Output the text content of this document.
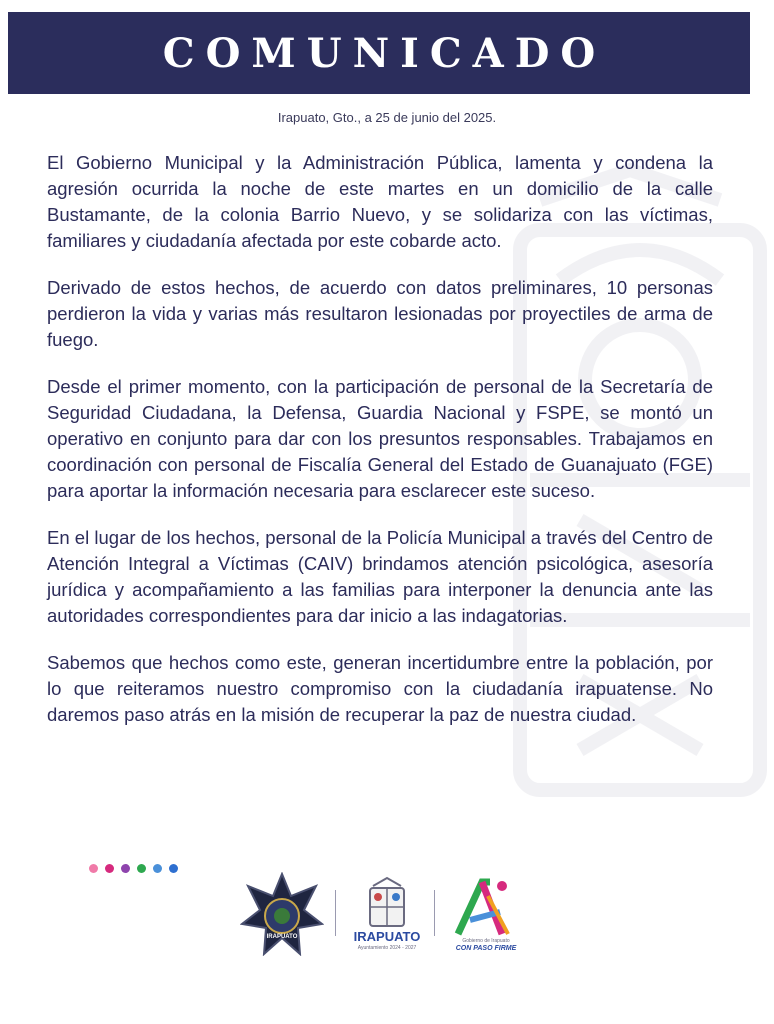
COMUNICADO
Irapuato, Gto., a 25 de junio del 2025.

El Gobierno Municipal y la Administración Pública, lamenta y condena la agresión ocurrida la noche de este martes en un domicilio de la calle Bustamante, de la colonia Barrio Nuevo, y se solidariza con las víctimas, familiares y ciudadanía afectada por este cobarde acto.

Derivado de estos hechos, de acuerdo con datos preliminares, 10 personas perdieron la vida y varias más resultaron lesionadas por proyectiles de arma de fuego.

Desde el primer momento, con la participación de personal de la Secretaría de Seguridad Ciudadana, la Defensa, Guardia Nacional y FSPE, se montó un operativo en conjunto para dar con los presuntos responsables. Trabajamos en coordinación con personal de Fiscalía General del Estado de Guanajuato (FGE) para aportar la información necesaria para esclarecer este suceso.

En el lugar de los hechos, personal de la Policía Municipal a través del Centro de Atención Integral a Víctimas (CAIV) brindamos atención psicológica, asesoría jurídica y acompañamiento a las familias para interponer la denuncia ante las autoridades correspondientes para dar inicio a las indagatorias.

Sabemos que hechos como este, generan incertidumbre entre la población, por lo que reiteramos nuestro compromiso con la ciudadanía irapuatense. No daremos paso atrás en la misión de recuperar la paz de nuestra ciudad.

IRAPUATO	IRAPUATO
Ayuntamiento 2024 - 2027
Gobierno de Irapuato
CON PASO FIRME
